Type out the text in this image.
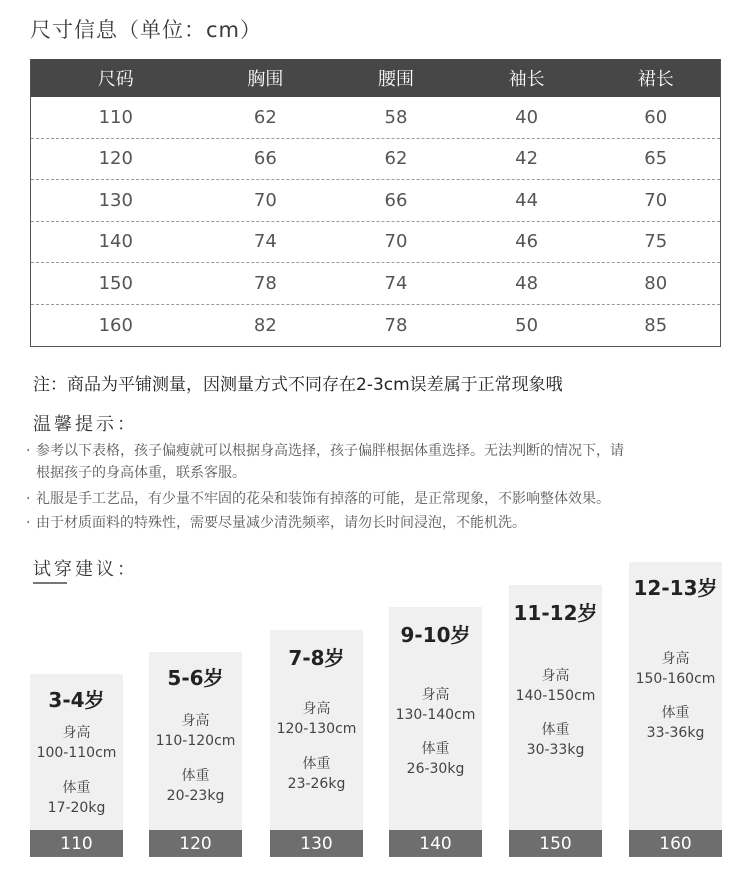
尺寸信息（单位：cm）
尺码	胸围	腰围	袖长	裙长
110	62	58	40	60
120	66	62	42	65
130	70	66	44	70
140	74	70	46	75
150	78	74	48	80
160	82	78	50	85
注：商品为平铺测量，因测量方式不同存在2-3cm误差属于正常现象哦
温馨提示：
· 参考以下表格，孩子偏瘦就可以根据身高选择，孩子偏胖根据体重选择。无法判断的情况下，请
根据孩子的身高体重，联系客服。
· 礼服是手工艺品，有少量不牢固的花朵和装饰有掉落的可能，是正常现象，不影响整体效果。
· 由于材质面料的特殊性，需要尽量减少清洗频率，请勿长时间浸泡，不能机洗。
试穿建议：
3-4岁
身高
100-110cm
体重
17-20kg
110
5-6岁
身高
110-120cm
体重
20-23kg
120
7-8岁
身高
120-130cm
体重
23-26kg
130
9-10岁
身高
130-140cm
体重
26-30kg
140
11-12岁
身高
140-150cm
体重
30-33kg
150
12-13岁
身高
150-160cm
体重
33-36kg
160
